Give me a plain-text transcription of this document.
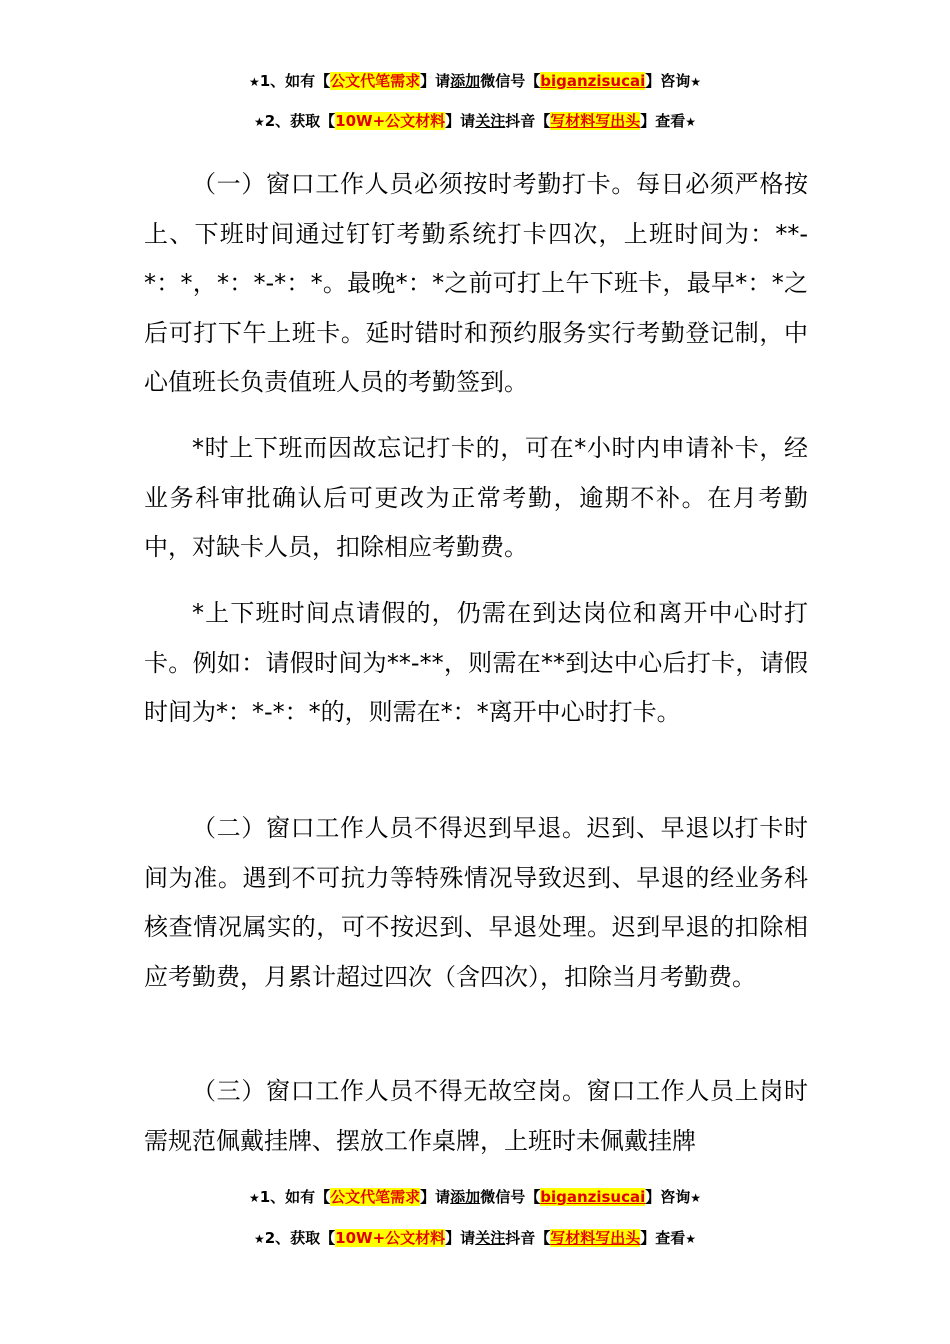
★1、如有【公文代笔需求】请添加微信号【biganzisucai】咨询★
★2、获取【10W+公文材料】请关注抖音【写材料写出头】查看★

（一）窗口工作人员必须按时考勤打卡。每日必须严格按上、下班时间通过钉钉考勤系统打卡四次，上班时间为：**-*：*，*：*-*：*。最晚*：*之前可打上午下班卡，最早*：*之后可打下午上班卡。延时错时和预约服务实行考勤登记制，中心值班长负责值班人员的考勤签到。

*时上下班而因故忘记打卡的，可在*小时内申请补卡，经业务科审批确认后可更改为正常考勤，逾期不补。在月考勤中，对缺卡人员，扣除相应考勤费。

*上下班时间点请假的，仍需在到达岗位和离开中心时打卡。例如：请假时间为**-**，则需在**到达中心后打卡，请假时间为*：*-*：*的，则需在*：*离开中心时打卡。

（二）窗口工作人员不得迟到早退。迟到、早退以打卡时间为准。遇到不可抗力等特殊情况导致迟到、早退的经业务科核查情况属实的，可不按迟到、早退处理。迟到早退的扣除相应考勤费，月累计超过四次（含四次），扣除当月考勤费。

（三）窗口工作人员不得无故空岗。窗口工作人员上岗时需规范佩戴挂牌、摆放工作桌牌，上班时未佩戴挂牌

★1、如有【公文代笔需求】请添加微信号【biganzisucai】咨询★
★2、获取【10W+公文材料】请关注抖音【写材料写出头】查看★
